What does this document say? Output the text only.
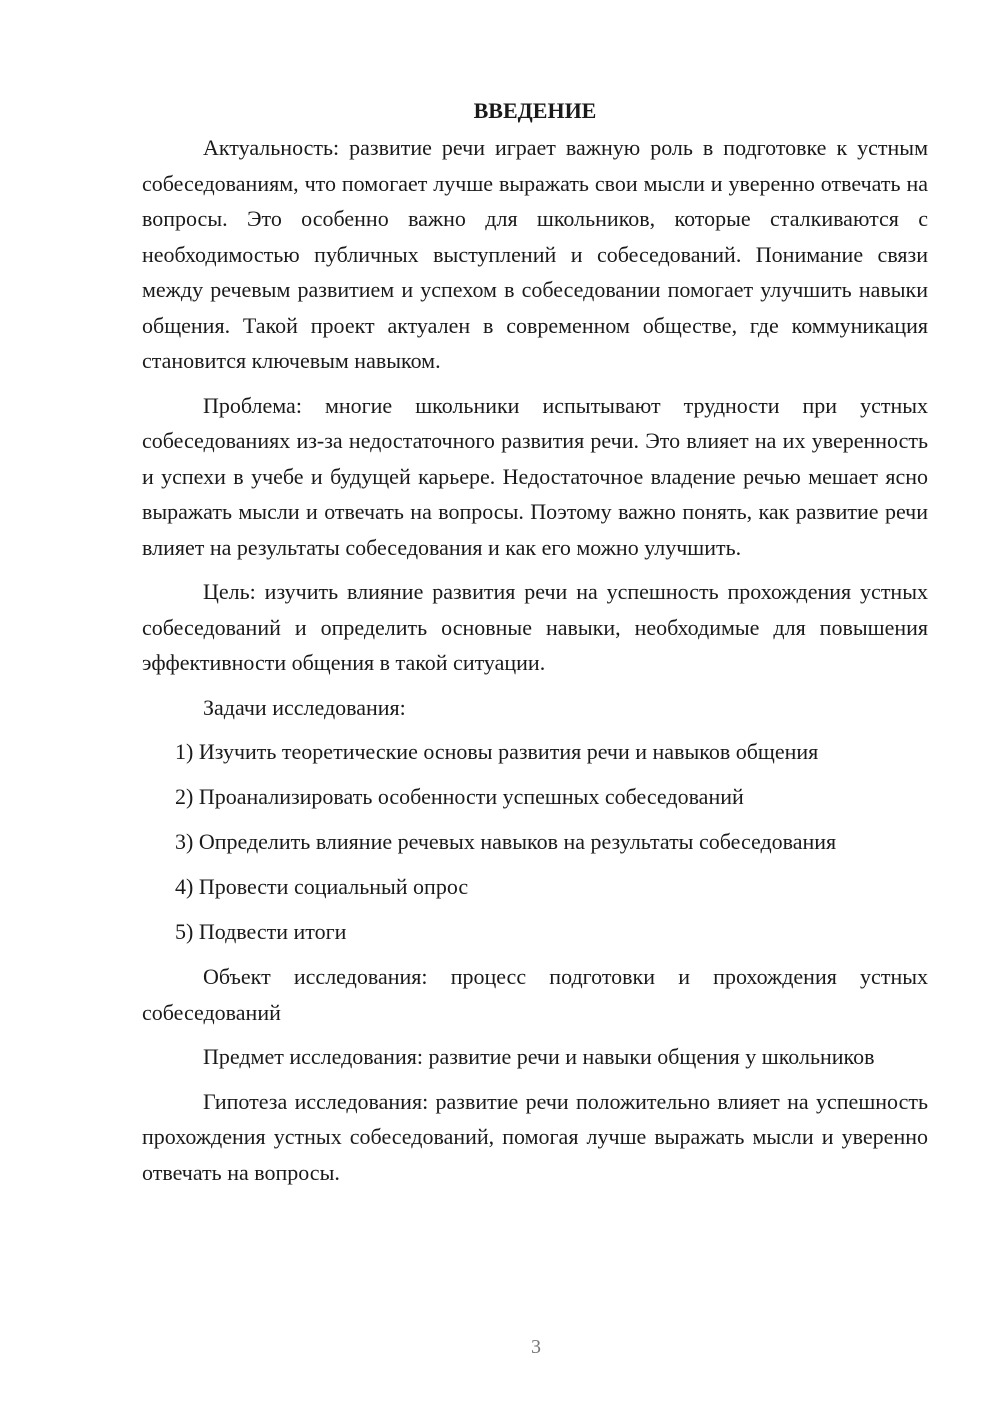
ВВЕДЕНИЕ

Актуальность: развитие речи играет важную роль в подготовке к устным собеседованиям, что помогает лучше выражать свои мысли и уверенно отвечать на вопросы. Это особенно важно для школьников, которые сталкиваются с необходимостью публичных выступлений и собеседований. Понимание связи между речевым развитием и успехом в собеседовании помогает улучшить навыки общения. Такой проект актуален в современном обществе, где коммуникация становится ключевым навыком.

Проблема: многие школьники испытывают трудности при устных собеседованиях из-за недостаточного развития речи. Это влияет на их уверенность и успехи в учебе и будущей карьере. Недостаточное владение речью мешает ясно выражать мысли и отвечать на вопросы. Поэтому важно понять, как развитие речи влияет на результаты собеседования и как его можно улучшить.

Цель: изучить влияние развития речи на успешность прохождения устных собеседований и определить основные навыки, необходимые для повышения эффективности общения в такой ситуации.

Задачи исследования:

1) Изучить теоретические основы развития речи и навыков общения
2) Проанализировать особенности успешных собеседований
3) Определить влияние речевых навыков на результаты собеседования
4) Провести социальный опрос
5) Подвести итоги

Объект исследования: процесс подготовки и прохождения устных собеседований

Предмет исследования: развитие речи и навыки общения у школьников

Гипотеза исследования: развитие речи положительно влияет на успешность прохождения устных собеседований, помогая лучше выражать мысли и уверенно отвечать на вопросы.

3
